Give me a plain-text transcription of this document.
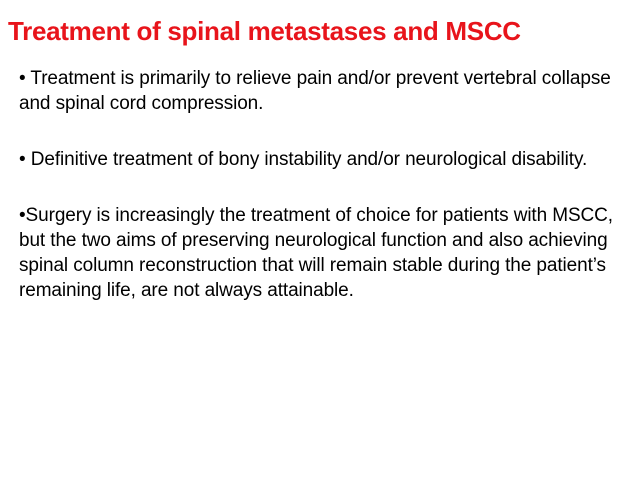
Treatment of spinal metastases and MSCC
• Treatment is primarily to relieve pain and/or prevent vertebral collapse and spinal cord compression.
• Definitive treatment of bony instability and/or neurological disability.
•Surgery is increasingly the treatment of choice for patients with MSCC, but the two aims of preserving neurological function and also achieving spinal column reconstruction that will remain stable during the patient’s remaining life, are not always attainable.
